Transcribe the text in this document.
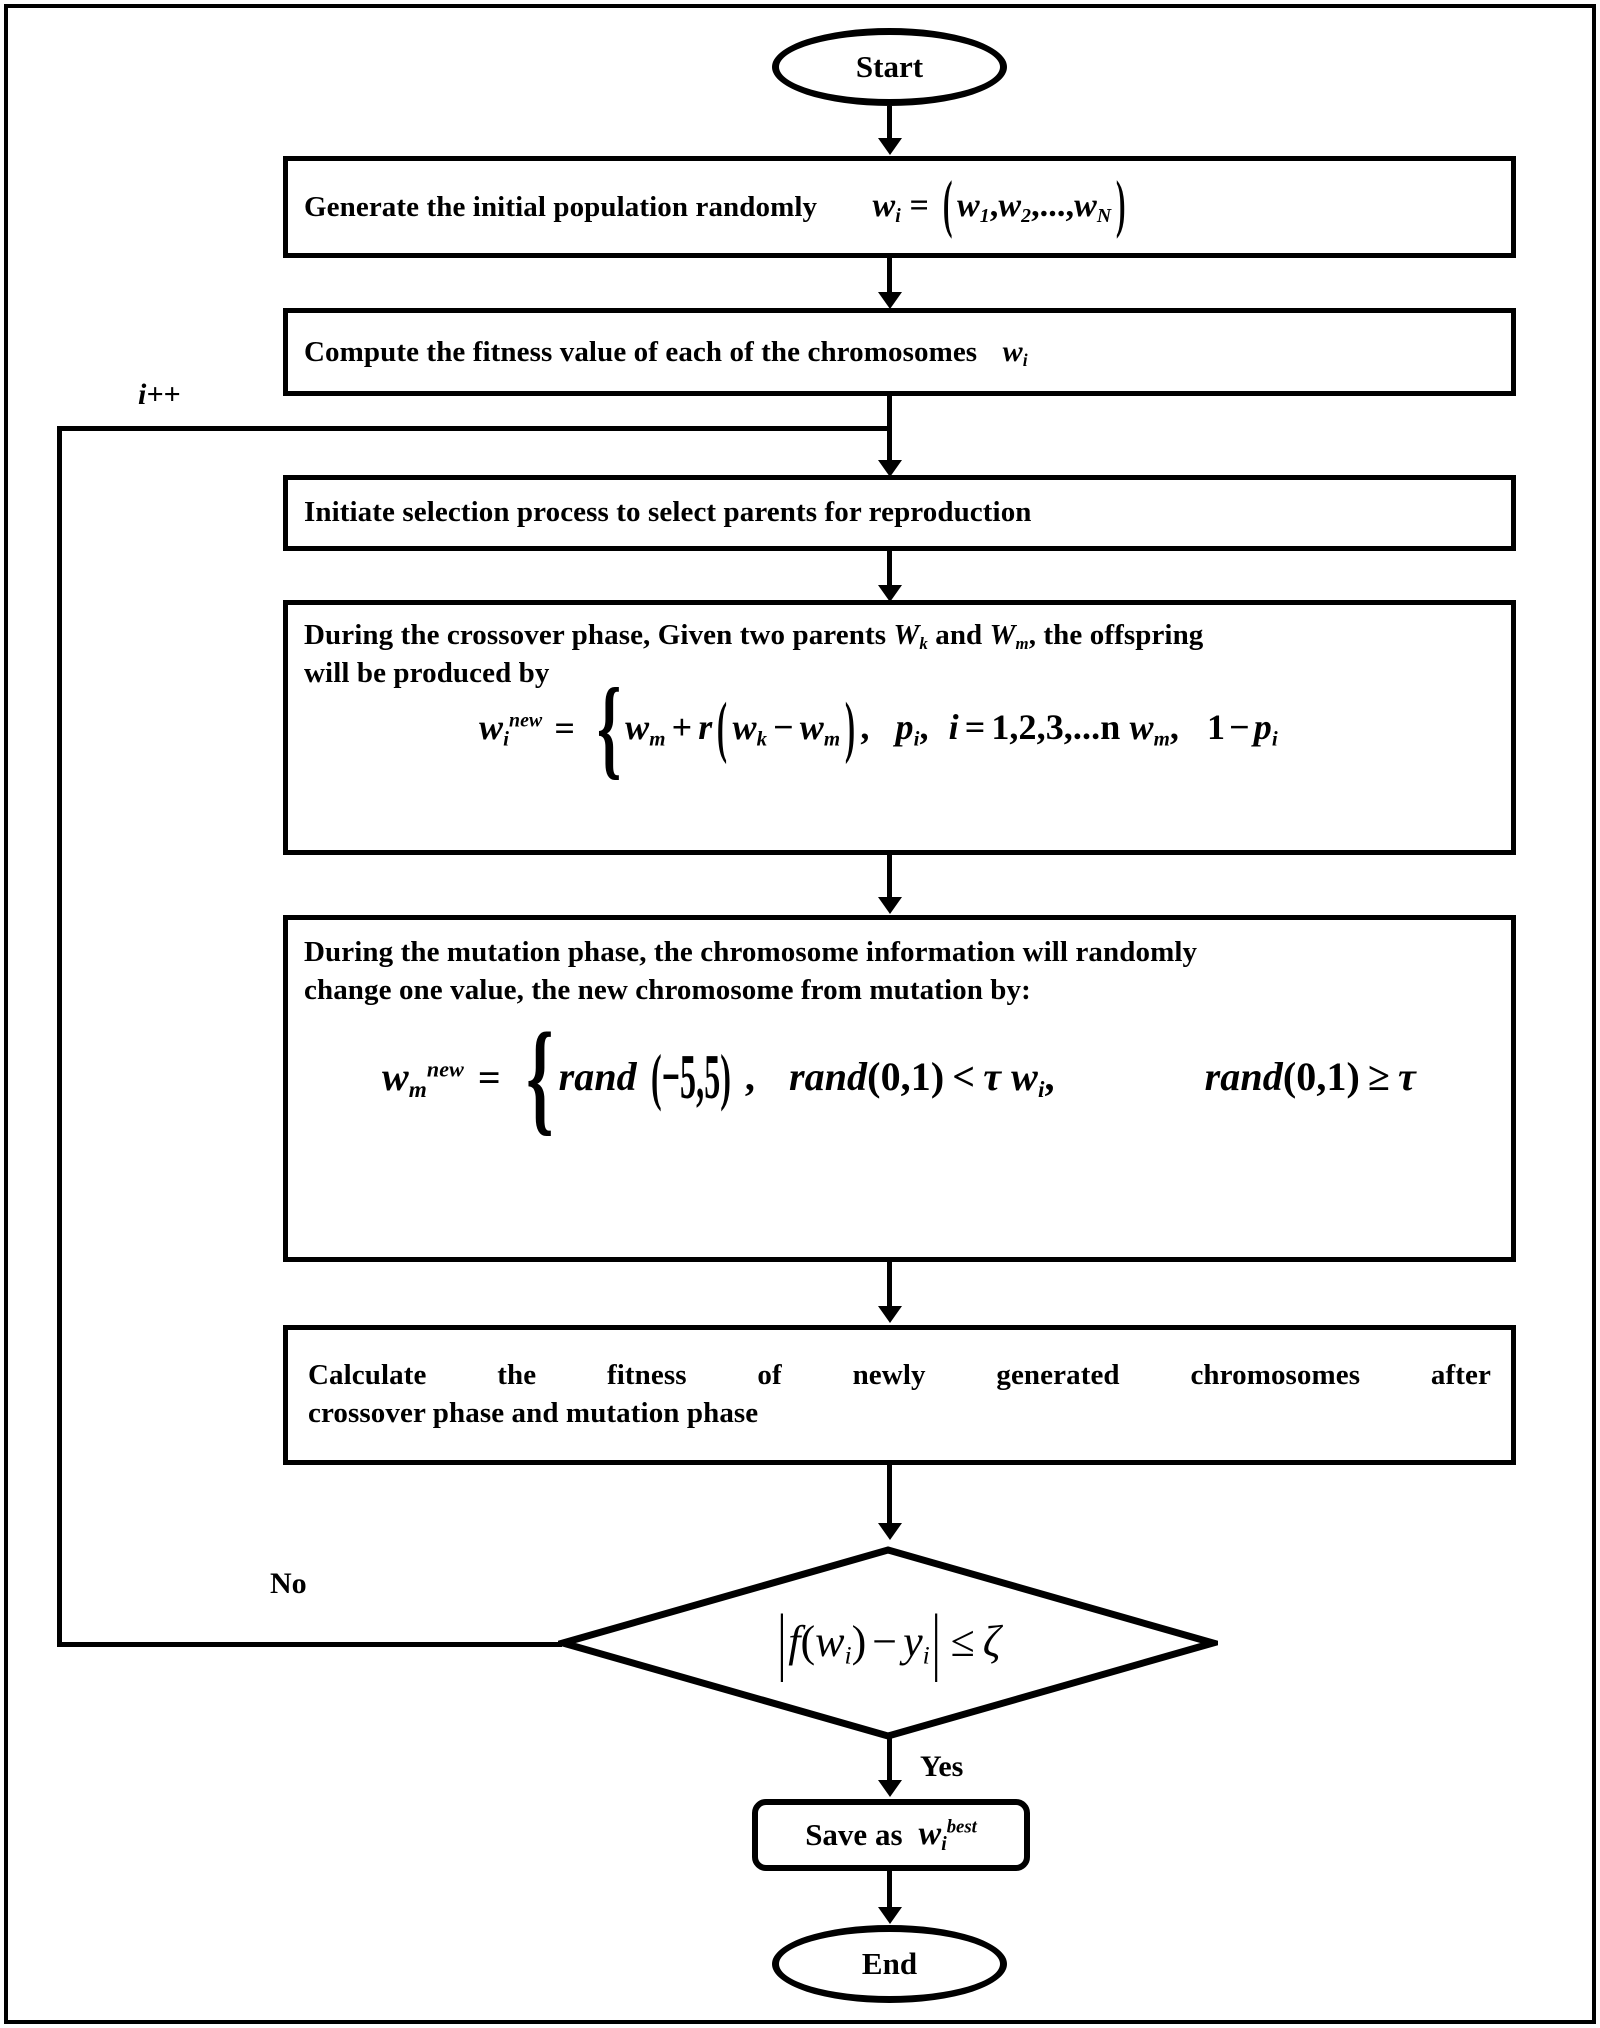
Start
Generate the initial population randomly $w_i$ = ( $w_1,w_2,...,w_N$ )
Compute the fitness value of each of the chromosomes $w_i$
i++
No
Initiate selection process to select parents for reproduction
During the crossover phase, Given two parents $W_k$ and $W_m$, the offspring
will be produced by
$w_i^{new}$ = { $w_m + r$ ( $w_k - w_m$ ) , $p_i$, i = 1,2,3,...n $w_m$, $1 - p_i$
During the mutation phase, the chromosome information will randomly
change one value, the new chromosome from mutation by:
$w_m^{new}$ = { rand (−5,5) , rand(0,1) < τ $w_i$,	rand(0,1) ≥ τ
Calculate the fitness of newly generated chromosomes after
crossover phase and mutation phase
$|f(w_i) - y_i| \le \zeta$
Yes
Save as $w_i^{best}$
End
